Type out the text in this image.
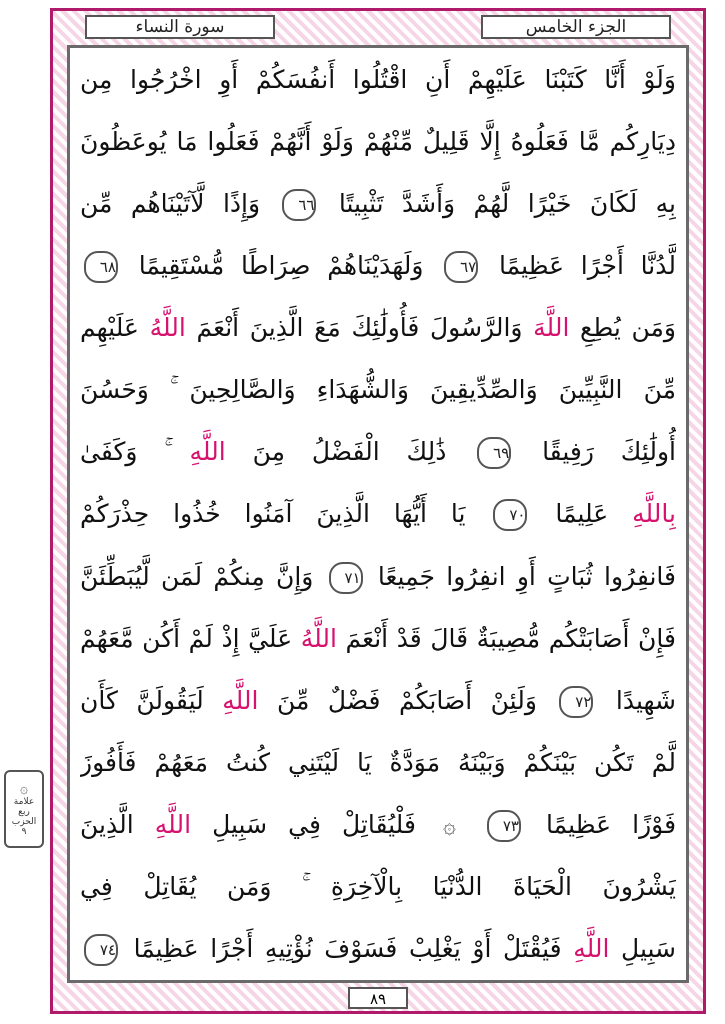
سورة النساء	الجزء الخامس
وَلَوْ أَنَّا كَتَبْنَا عَلَيْهِمْ أَنِ اقْتُلُوا أَنفُسَكُمْ أَوِ اخْرُجُوا مِن
دِيَارِكُم مَّا فَعَلُوهُ إِلَّا قَلِيلٌ مِّنْهُمْ وَلَوْ أَنَّهُمْ فَعَلُوا مَا يُوعَظُونَ
بِهِ لَكَانَ خَيْرًا لَّهُمْ وَأَشَدَّ تَثْبِيتًا ٦٦ وَإِذًا لَّآتَيْنَاهُم مِّن
لَّدُنَّا أَجْرًا عَظِيمًا ٦٧ وَلَهَدَيْنَاهُمْ صِرَاطًا مُّسْتَقِيمًا ٦٨
وَمَن يُطِعِ اللَّهَ وَالرَّسُولَ فَأُولَٰئِكَ مَعَ الَّذِينَ أَنْعَمَ اللَّهُ عَلَيْهِم
مِّنَ النَّبِيِّينَ وَالصِّدِّيقِينَ وَالشُّهَدَاءِ وَالصَّالِحِينَ ۚ وَحَسُنَ
أُولَٰئِكَ رَفِيقًا ٦٩ ذَٰلِكَ الْفَضْلُ مِنَ اللَّهِ ۚ وَكَفَىٰ
بِاللَّهِ عَلِيمًا ٧٠ يَا أَيُّهَا الَّذِينَ آمَنُوا خُذُوا حِذْرَكُمْ
فَانفِرُوا ثُبَاتٍ أَوِ انفِرُوا جَمِيعًا ٧١ وَإِنَّ مِنكُمْ لَمَن لَّيُبَطِّئَنَّ
فَإِنْ أَصَابَتْكُم مُّصِيبَةٌ قَالَ قَدْ أَنْعَمَ اللَّهُ عَلَيَّ إِذْ لَمْ أَكُن مَّعَهُمْ
شَهِيدًا ٧٢ وَلَئِنْ أَصَابَكُمْ فَضْلٌ مِّنَ اللَّهِ لَيَقُولَنَّ كَأَن
لَّمْ تَكُن بَيْنَكُمْ وَبَيْنَهُ مَوَدَّةٌ يَا لَيْتَنِي كُنتُ مَعَهُمْ فَأَفُوزَ
فَوْزًا عَظِيمًا ٧٣ ۞ فَلْيُقَاتِلْ فِي سَبِيلِ اللَّهِ الَّذِينَ
يَشْرُونَ الْحَيَاةَ الدُّنْيَا بِالْآخِرَةِ ۚ وَمَن يُقَاتِلْ فِي
سَبِيلِ اللَّهِ فَيُقْتَلْ أَوْ يَغْلِبْ فَسَوْفَ نُؤْتِيهِ أَجْرًا عَظِيمًا ٧٤
٨٩
۞
علامة ربع
الحزب
٩
